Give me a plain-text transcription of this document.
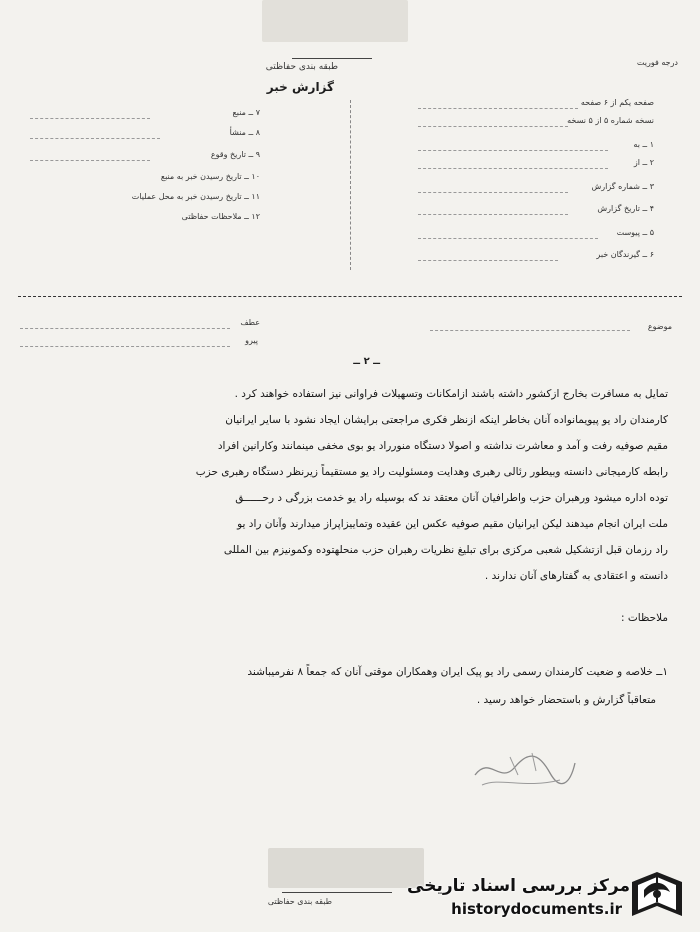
طبقه بندی حفاظتی
گزارش خبر
درجه فوریت
صفحه یکم از ۶ صفحه
نسخه شماره ۵ از ۵ نسخه
۱ ــ به
۲ ــ از
۳ ــ شماره گزارش
۴ ــ تاریخ گزارش
۵ ــ پیوست
۶ ــ گیرندگان خبر
۷ ــ منبع
۸ ــ منشأ
۹ ــ تاریخ وقوع
۱۰ ــ تاریخ رسیدن خبر به منبع
۱۱ ــ تاریخ رسیدن خبر به محل عملیات
۱۲ ــ ملاحظات حفاظتی
موضوع
عطف
پیرو
ــ ۲ ــ
تمایل به مسافرت بخارج ازکشور داشته باشند ازامکانات وتسهیلات فراوانی نیز استفاده خواهند کرد .
کارمندان راد یو پیویمانواده آنان بخاطر اینکه ازنظر فکری مراجعتی برایشان ایجاد نشود با سایر ایرانیان
مقیم صوفیه رفت و آمد و معاشرت نداشته و اصولا دستگاه منورراد یو بوی مخفی مینمانند وکارانین افراد
رابطه کارمیجانی دانسته وبیطور رئالی رهبری وهدایت ومسئولیت راد یو مستقیماً زیرنظر دستگاه رهبری حزب
توده اداره میشود ورهبران حزب واطرافیان آنان معتقد ند که بوسیله راد یو خدمت بزرگی د رحــــــق
ملت ایران انجام میدهند لیکن ایرانیان مقیم صوفیه عکس این عقیده وتماییزاپراز میدارند وآنان راد یو
راد رزمان قبل ازتشکیل شعبی مرکزی برای تبلیغ نظریات رهبران حزب منحلهتوده وکمونیزم بین المللی
دانسته و اعتقادی به گفتارهای آنان ندارند .
ملاحظات :
۱ــ خلاصه و ضعیت کارمندان رسمی راد یو پیک ایران وهمکاران موقتی آنان که جمعاً ۸ نفرمیباشند
متعاقباً گزارش و باستحضار خواهد رسید .
طبقه بندی حفاظتی
مرکز بررسی اسناد تاریخی
historydocuments.ir
